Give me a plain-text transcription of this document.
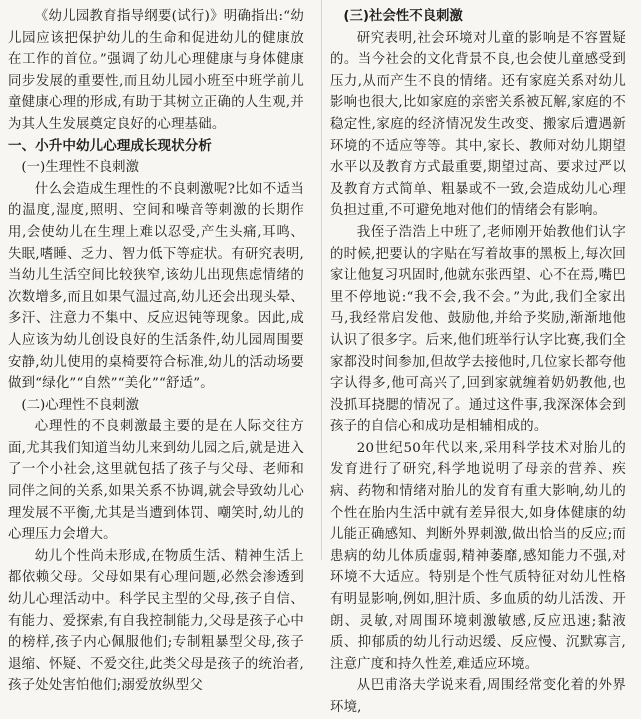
《幼儿园教育指导纲要(试行)》明确指出:“幼儿园应该把保护幼儿的生命和促进幼儿的健康放在工作的首位。”强调了幼儿心理健康与身体健康同步发展的重要性,而且幼儿园小班至中班学前儿童健康心理的形成,有助于其树立正确的人生观,并为其人生发展奠定良好的心理基础。

一、小升中幼儿心理成长现状分析
(一)生理性不良刺激

什么会造成生理性的不良刺激呢?比如不适当的温度,湿度,照明、空间和噪音等刺激的长期作用,会使幼儿在生理上难以忍受,产生头痛,耳鸣、失眠,嗜睡、乏力、智力低下等症状。有研究表明,当幼儿生活空间比较狭窄,该幼儿出现焦虑情绪的次数增多,而且如果气温过高,幼儿还会出现头晕、多汗、注意力不集中、反应迟钝等现象。因此,成人应该为幼儿创设良好的生活条件,幼儿园周围要安静,幼儿使用的桌椅要符合标准,幼儿的活动场要做到“绿化”“自然”“美化”“舒适”。

(二)心理性不良刺激

心理性的不良刺激最主要的是在人际交往方面,尤其我们知道当幼儿来到幼儿园之后,就是进入了一个小社会,这里就包括了孩子与父母、老师和同伴之间的关系,如果关系不协调,就会导致幼儿心理发展不平衡,尤其是当遭到体罚、嘲笑时,幼儿的心理压力会增大。

幼儿个性尚未形成,在物质生活、精神生活上都依赖父母。父母如果有心理问题,必然会渗透到幼儿心理活动中。科学民主型的父母,孩子自信、有能力、爱探索,有自我控制能力,父母是孩子心中的榜样,孩子内心佩服他们;专制粗暴型父母,孩子退缩、怀疑、不爱交往,此类父母是孩子的统治者,孩子处处害怕他们;溺爱放纵型父

(三)社会性不良刺激

研究表明,社会环境对儿童的影响是不容置疑的。当今社会的文化背景不良,也会使儿童感受到压力,从而产生不良的情绪。还有家庭关系对幼儿影响也很大,比如家庭的亲密关系被瓦解,家庭的不稳定性,家庭的经济情况发生改变、搬家后遭遇新环境的不适应等等。其中,家长、教师对幼儿期望水平以及教育方式最重要,期望过高、要求过严以及教育方式简单、粗暴或不一致,会造成幼儿心理负担过重,不可避免地对他们的情绪会有影响。

我侄子浩浩上中班了,老师刚开始教他们认字的时候,把要认的字贴在写着故事的黑板上,每次回家让他复习巩固时,他就东张西望、心不在焉,嘴巴里不停地说:“我不会,我不会。”为此,我们全家出马,我经常启发他、鼓励他,并给予奖励,渐渐地他认识了很多字。后来,他们班举行认字比赛,我们全家都没时间参加,但故学去接他时,几位家长都夸他字认得多,他可高兴了,回到家就缠着奶奶教他,也没抓耳挠腮的情况了。通过这件事,我深深体会到孩子的自信心和成功是相辅相成的。

20世纪50年代以来,采用科学技术对胎儿的发育进行了研究,科学地说明了母亲的营养、疾病、药物和情绪对胎儿的发育有重大影响,幼儿的个性在胎内生活中就有差异很大,如身体健康的幼儿能正确感知、判断外界刺激,做出恰当的反应;而患病的幼儿体质虚弱,精神萎靡,感知能力不强,对环境不大适应。特别是个性气质特征对幼儿性格有明显影响,例如,胆汁质、多血质的幼儿活泼、开朗、灵敏,对周围环境刺激敏感,反应迅速;黏液质、抑郁质的幼儿行动迟缓、反应慢、沉默寡言,注意广度和持久性差,难适应环境。

从巴甫洛夫学说来看,周围经常变化着的外界环境,
